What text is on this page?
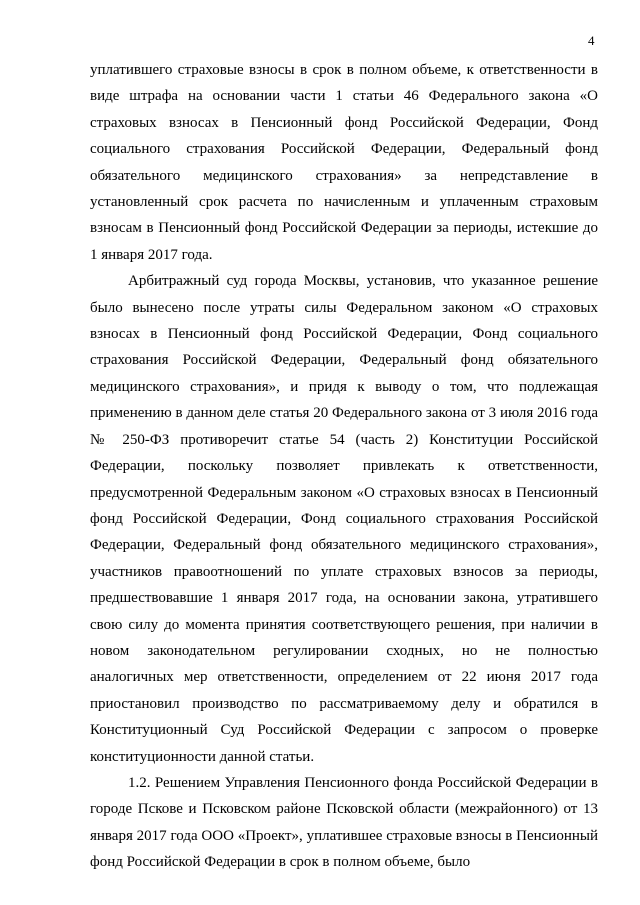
4

уплатившего страховые взносы в срок в полном объеме, к ответственности в виде штрафа на основании части 1 статьи 46 Федерального закона «О страховых взносах в Пенсионный фонд Российской Федерации, Фонд социального страхования Российской Федерации, Федеральный фонд обязательного медицинского страхования» за непредставление в установленный срок расчета по начисленным и уплаченным страховым взносам в Пенсионный фонд Российской Федерации за периоды, истекшие до 1 января 2017 года.

Арбитражный суд города Москвы, установив, что указанное решение было вынесено после утраты силы Федеральном законом «О страховых взносах в Пенсионный фонд Российской Федерации, Фонд социального страхования Российской Федерации, Федеральный фонд обязательного медицинского страхования», и придя к выводу о том, что подлежащая применению в данном деле статья 20 Федерального закона от 3 июля 2016 года № 250-ФЗ противоречит статье 54 (часть 2) Конституции Российской Федерации, поскольку позволяет привлекать к ответственности, предусмотренной Федеральным законом «О страховых взносах в Пенсионный фонд Российской Федерации, Фонд социального страхования Российской Федерации, Федеральный фонд обязательного медицинского страхования», участников правоотношений по уплате страховых взносов за периоды, предшествовавшие 1 января 2017 года, на основании закона, утратившего свою силу до момента принятия соответствующего решения, при наличии в новом законодательном регулировании сходных, но не полностью аналогичных мер ответственности, определением от 22 июня 2017 года приостановил производство по рассматриваемому делу и обратился в Конституционный Суд Российской Федерации с запросом о проверке конституционности данной статьи.

1.2. Решением Управления Пенсионного фонда Российской Федерации в городе Пскове и Псковском районе Псковской области (межрайонного) от 13 января 2017 года ООО «Проект», уплатившее страховые взносы в Пенсионный фонд Российской Федерации в срок в полном объеме, было
